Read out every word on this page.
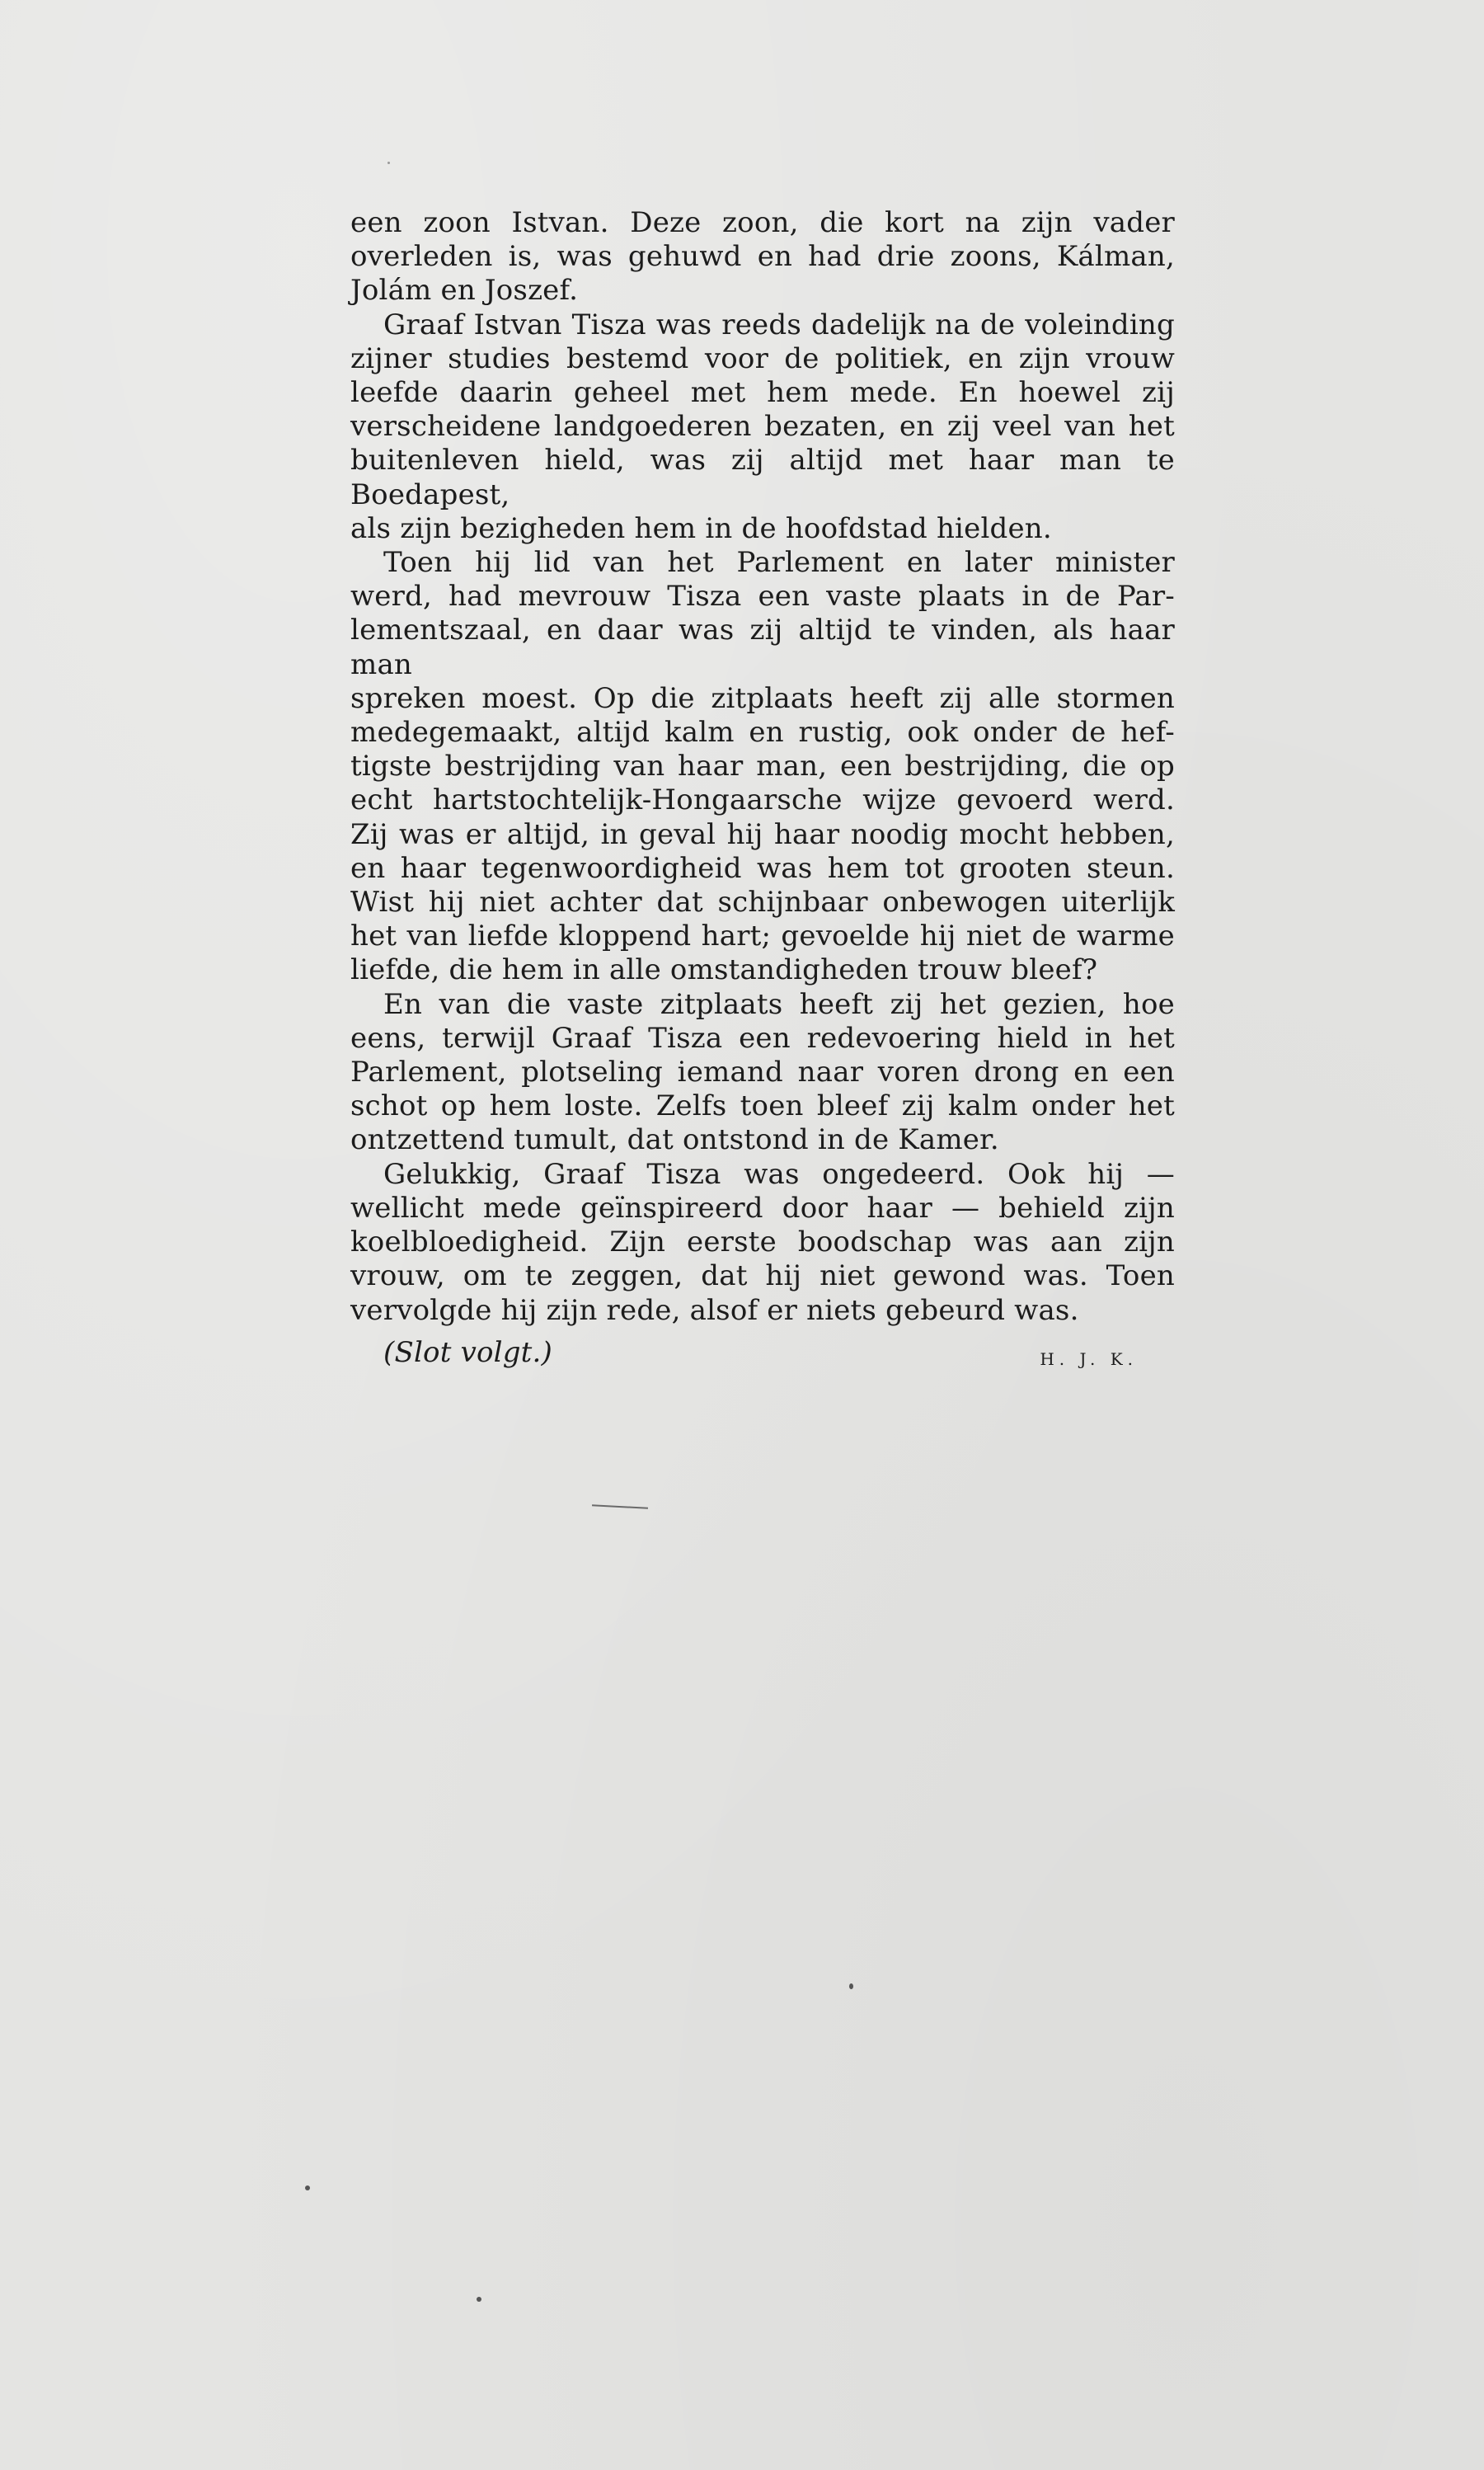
een zoon Istvan. Deze zoon, die kort na zijn vader
overleden is, was gehuwd en had drie zoons, Kálman,
Jolám en Joszef.

Graaf Istvan Tisza was reeds dadelijk na de voleinding
zijner studies bestemd voor de politiek, en zijn vrouw
leefde daarin geheel met hem mede. En hoewel zij
verscheidene landgoederen bezaten, en zij veel van het
buitenleven hield, was zij altijd met haar man te Boedapest,
als zijn bezigheden hem in de hoofdstad hielden.

Toen hij lid van het Parlement en later minister
werd, had mevrouw Tisza een vaste plaats in de Par-
lementszaal, en daar was zij altijd te vinden, als haar man
spreken moest. Op die zitplaats heeft zij alle stormen
medegemaakt, altijd kalm en rustig, ook onder de hef-
tigste bestrijding van haar man, een bestrijding, die op
echt hartstochtelijk-Hongaarsche wijze gevoerd werd.
Zij was er altijd, in geval hij haar noodig mocht hebben,
en haar tegenwoordigheid was hem tot grooten steun.
Wist hij niet achter dat schijnbaar onbewogen uiterlijk
het van liefde kloppend hart; gevoelde hij niet de warme
liefde, die hem in alle omstandigheden trouw bleef?

En van die vaste zitplaats heeft zij het gezien, hoe
eens, terwijl Graaf Tisza een redevoering hield in het
Parlement, plotseling iemand naar voren drong en een
schot op hem loste. Zelfs toen bleef zij kalm onder het
ontzettend tumult, dat ontstond in de Kamer.

Gelukkig, Graaf Tisza was ongedeerd. Ook hij —
wellicht mede geïnspireerd door haar — behield zijn
koelbloedigheid. Zijn eerste boodschap was aan zijn
vrouw, om te zeggen, dat hij niet gewond was. Toen
vervolgde hij zijn rede, alsof er niets gebeurd was.

(Slot volgt.)	H. J. K.
